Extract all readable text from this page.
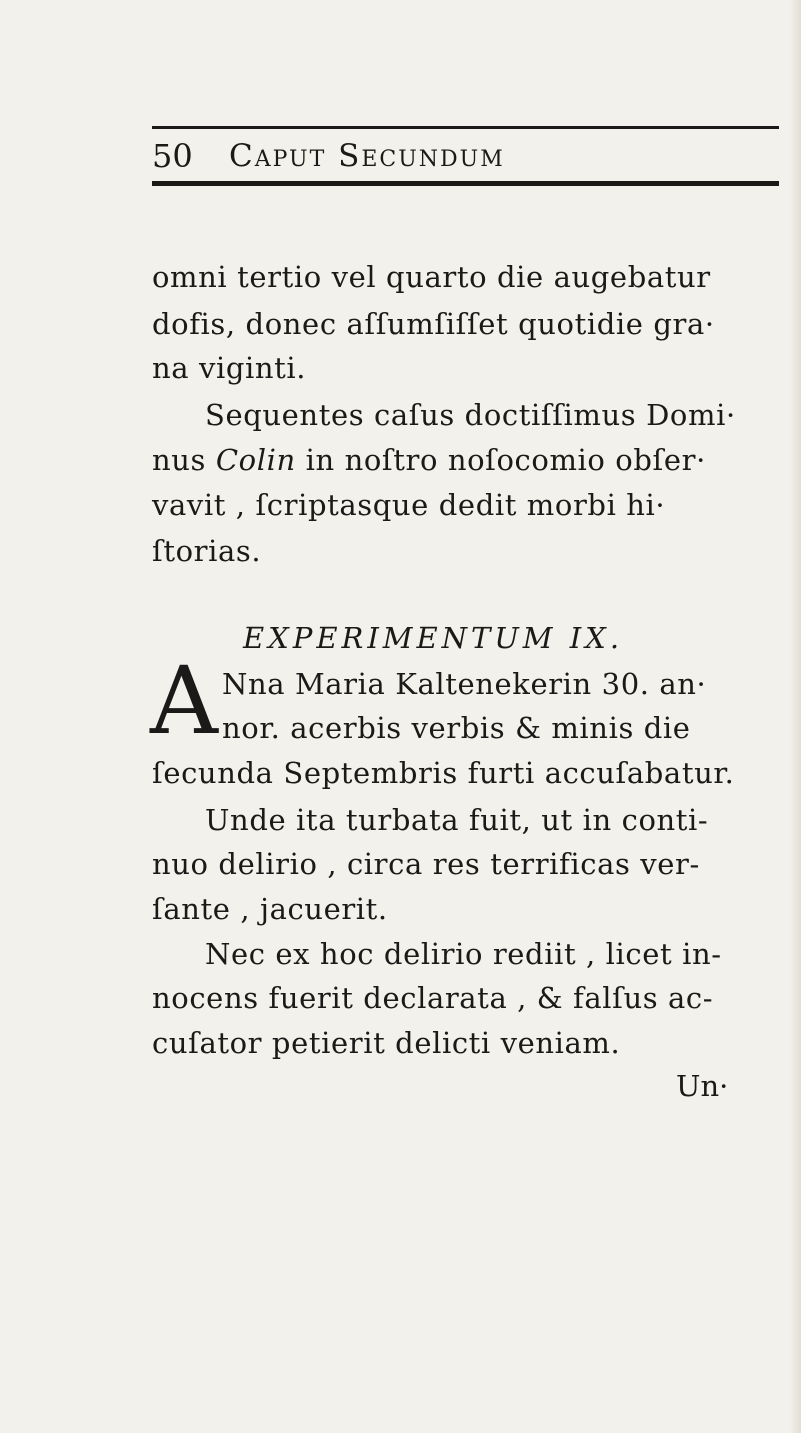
50 Caput Secundum

omni tertio vel quarto die augebatur

dofis, donec aſſumſiſſet quotidie gra·

na viginti.

Sequentes caſus doctiſſimus Domi·

nus Colin in noſtro noſocomio obſer·

vavit , ſcriptasque dedit morbi hi·

ſtorias.

EXPERIMENTUM IX.
A Nna Maria Kaltenekerin 30. an·

nor. acerbis verbis & minis die

ſecunda Septembris furti accuſabatur.

Unde ita turbata fuit, ut in conti-

nuo delirio , circa res terrificas ver-

ſante , jacuerit.

Nec ex hoc delirio rediit , licet in-

nocens fuerit declarata , & falſus ac-

cuſator petierit delicti veniam.

Un·
